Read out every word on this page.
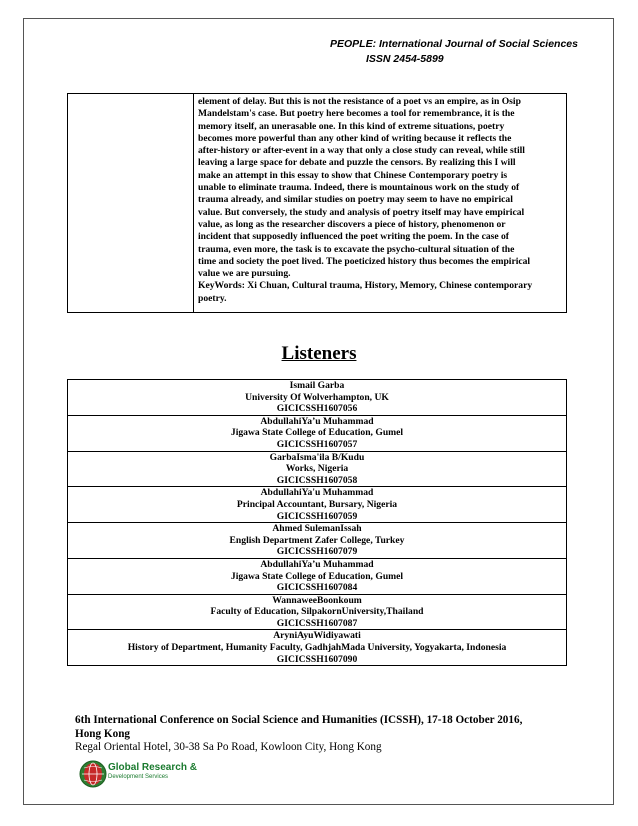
PEOPLE: International Journal of Social Sciences
ISSN 2454-5899

element of delay. But this is not the resistance of a poet vs an empire, as in Osip

Mandelstam's case. But poetry here becomes a tool for remembrance, it is the

memory itself, an unerasable one. In this kind of extreme situations, poetry

becomes more powerful than any other kind of writing because it reflects the

after-history or after-event in a way that only a close study can reveal, while still

leaving a large space for debate and puzzle the censors. By realizing this I will

make an attempt in this essay to show that Chinese Contemporary poetry is

unable to eliminate trauma. Indeed, there is mountainous work on the study of

trauma already, and similar studies on poetry may seem to have no empirical

value. But conversely, the study and analysis of poetry itself may have empirical

value, as long as the researcher discovers a piece of history, phenomenon or

incident that supposedly influenced the poet writing the poem. In the case of

trauma, even more, the task is to excavate the psycho-cultural situation of the

time and society the poet lived. The poeticized history thus becomes the empirical

value we are pursuing.

KeyWords: Xi Chuan, Cultural trauma, History, Memory, Chinese contemporary

poetry.

Listeners
Ismail Garba
University Of Wolverhampton, UK
GICICSSH1607056
AbdullahiYa’u Muhammad
Jigawa State College of Education, Gumel
GICICSSH1607057
GarbaIsma'ila B/Kudu
Works, Nigeria
GICICSSH1607058
AbdullahiYa'u Muhammad
Principal Accountant, Bursary, Nigeria
GICICSSH1607059
Ahmed SulemanIssah
English Department Zafer College, Turkey
GICICSSH1607079
AbdullahiYa’u Muhammad
Jigawa State College of Education, Gumel
GICICSSH1607084
WannaweeBoonkoum
Faculty of Education, SilpakornUniversity,Thailand
GICICSSH1607087
AryniAyuWidiyawati
History of Department, Humanity Faculty, GadhjahMada University, Yogyakarta, Indonesia
GICICSSH1607090
6th International Conference on Social Science and Humanities (ICSSH), 17-18 October 2016,
Hong Kong
Regal Oriental Hotel, 30-38 Sa Po Road, Kowloon City, Hong Kong
Global Research &
Development Services
